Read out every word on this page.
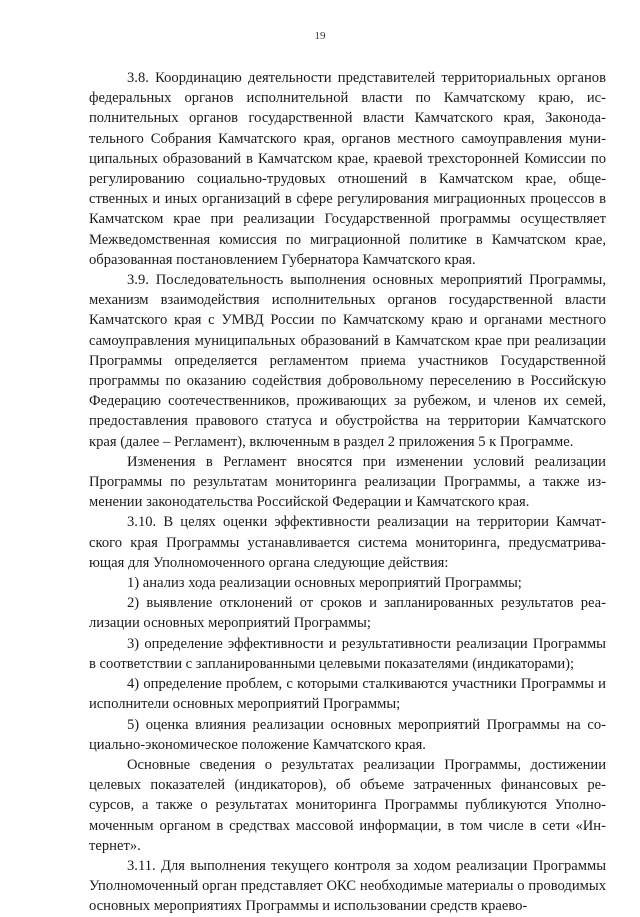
19

3.8. Координацию деятельности представителей территориальных органов федеральных органов исполнительной власти по Камчатскому краю, исполнительных органов государственной власти Камчатского края, Законодательного Собрания Камчатского края, органов местного самоуправления муниципальных образований в Камчатском крае, краевой трехсторонней Комиссии по регулированию социально-трудовых отношений в Камчатском крае, общественных и иных организаций в сфере регулирования миграционных процессов в Камчатском крае при реализации Государственной программы осуществляет Межведомственная комиссия по миграционной политике в Камчатском крае, образованная постановлением Губернатора Камчатского края.

3.9. Последовательность выполнения основных мероприятий Программы, механизм взаимодействия исполнительных органов государственной власти Камчатского края с УМВД России по Камчатскому краю и органами местного самоуправления муниципальных образований в Камчатском крае при реализации Программы определяется регламентом приема участников Государственной программы по оказанию содействия добровольному переселению в Российскую Федерацию соотечественников, проживающих за рубежом, и членов их семей, предоставления правового статуса и обустройства на территории Камчатского края (далее – Регламент), включенным в раздел 2 приложения 5 к Программе.

Изменения в Регламент вносятся при изменении условий реализации Программы по результатам мониторинга реализации Программы, а также изменении законодательства Российской Федерации и Камчатского края.

3.10. В целях оценки эффективности реализации на территории Камчатского края Программы устанавливается система мониторинга, предусматривающая для Уполномоченного органа следующие действия:

1) анализ хода реализации основных мероприятий Программы;

2) выявление отклонений от сроков и запланированных результатов реализации основных мероприятий Программы;

3) определение эффективности и результативности реализации Программы в соответствии с запланированными целевыми показателями (индикаторами);

4) определение проблем, с которыми сталкиваются участники Программы и исполнители основных мероприятий Программы;

5) оценка влияния реализации основных мероприятий Программы на социально-экономическое положение Камчатского края.

Основные сведения о результатах реализации Программы, достижении целевых показателей (индикаторов), об объеме затраченных финансовых ресурсов, а также о результатах мониторинга Программы публикуются Уполномоченным органом в средствах массовой информации, в том числе в сети «Интернет».

3.11. Для выполнения текущего контроля за ходом реализации Программы Уполномоченный орган представляет ОКС необходимые материалы о проводимых основных мероприятиях Программы и использовании средств краево-
